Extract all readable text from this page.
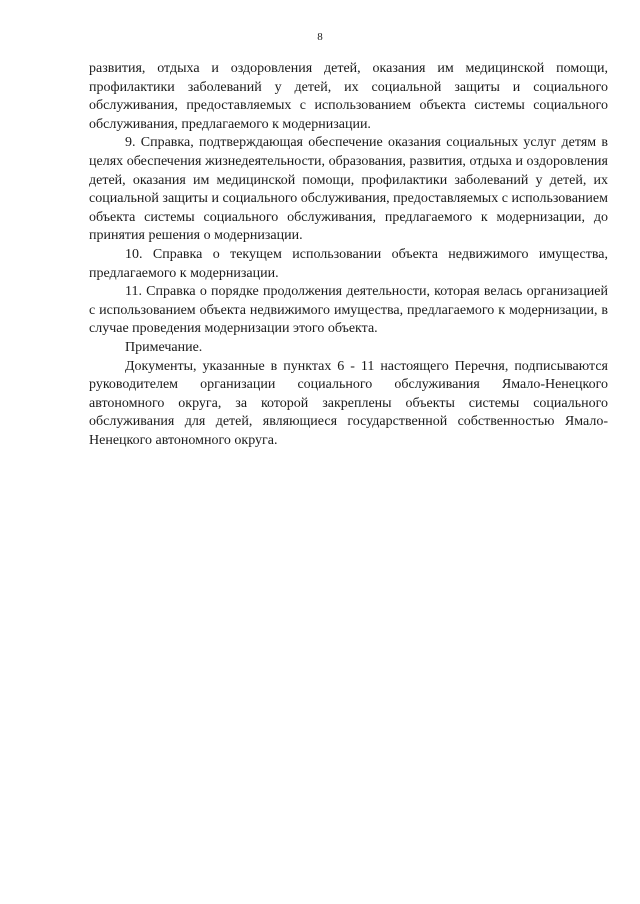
8

развития, отдыха и оздоровления детей, оказания им медицинской помощи, профилактики заболеваний у детей, их социальной защиты и социального обслуживания, предоставляемых с использованием объекта системы социального обслуживания, предлагаемого к модернизации.

9. Справка, подтверждающая обеспечение оказания социальных услуг детям в целях обеспечения жизнедеятельности, образования, развития, отдыха и оздоровления детей, оказания им медицинской помощи, профилактики заболеваний у детей, их социальной защиты и социального обслуживания, предоставляемых с использованием объекта системы социального обслуживания, предлагаемого к модернизации, до принятия решения о модернизации.

10. Справка о текущем использовании объекта недвижимого имущества, предлагаемого к модернизации.

11. Справка о порядке продолжения деятельности, которая велась организацией с использованием объекта недвижимого имущества, предлагаемого к модернизации, в случае проведения модернизации этого объекта.

Примечание.

Документы, указанные в пунктах 6 - 11 настоящего Перечня, подписываются руководителем организации социального обслуживания Ямало-Ненецкого автономного округа, за которой закреплены объекты системы социального обслуживания для детей, являющиеся государственной собственностью Ямало-Ненецкого автономного округа.
